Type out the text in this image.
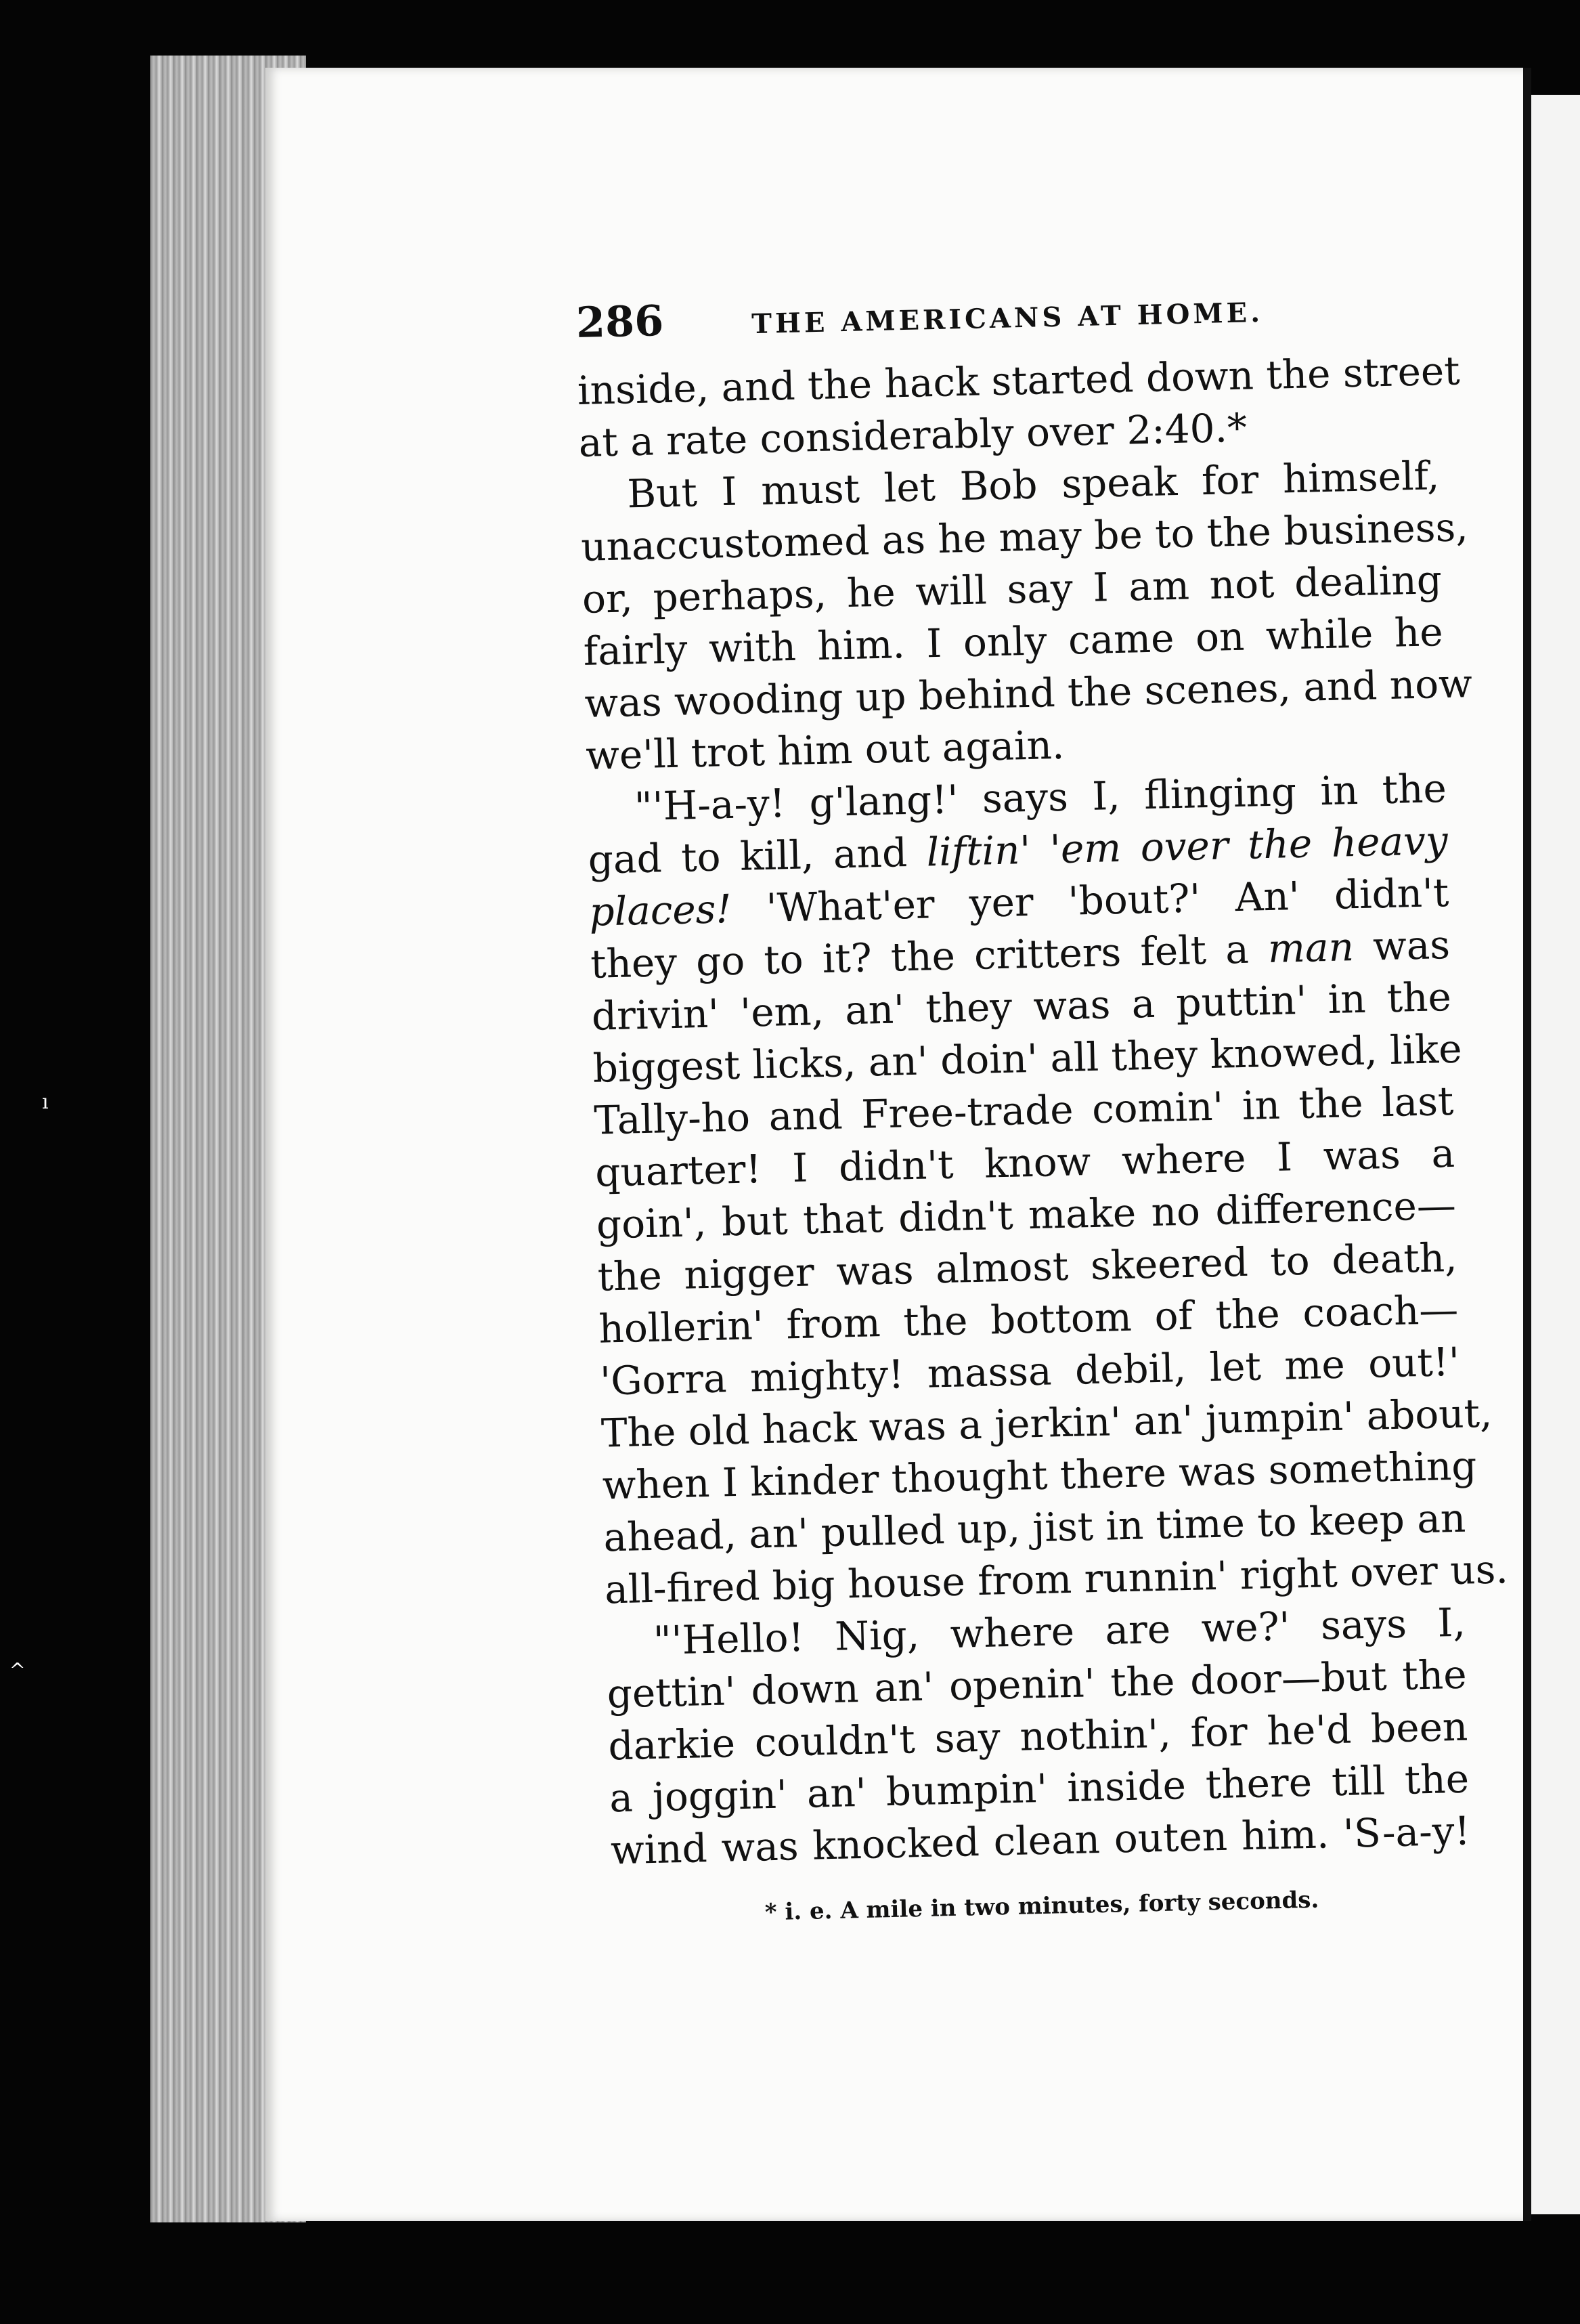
ı
^
286	THE AMERICANS AT HOME.
inside, and the hack started down the street
at a rate considerably over 2:40.*
But I must let Bob speak for himself,
unaccustomed as he may be to the business,
or, perhaps, he will say I am not dealing
fairly with him. I only came on while he
was wooding up behind the scenes, and now
we'll trot him out again.
"'H-a-y! g'lang!' says I, flinging in the
gad to kill, and liftin' 'em over the heavy
places! 'What'er yer 'bout?' An' didn't
they go to it? the critters felt a man was
drivin' 'em, an' they was a puttin' in the
biggest licks, an' doin' all they knowed, like
Tally-ho and Free-trade comin' in the last
quarter! I didn't know where I was a
goin', but that didn't make no difference—
the nigger was almost skeered to death,
hollerin' from the bottom of the coach—
'Gorra mighty! massa debil, let me out!'
The old hack was a jerkin' an' jumpin' about,
when I kinder thought there was something
ahead, an' pulled up, jist in time to keep an
all-fired big house from runnin' right over us.
"'Hello! Nig, where are we?' says I,
gettin' down an' openin' the door—but the
darkie couldn't say nothin', for he'd been
a joggin' an' bumpin' inside there till the
wind was knocked clean outen him. 'S-a-y!
* i. e. A mile in two minutes, forty seconds.
